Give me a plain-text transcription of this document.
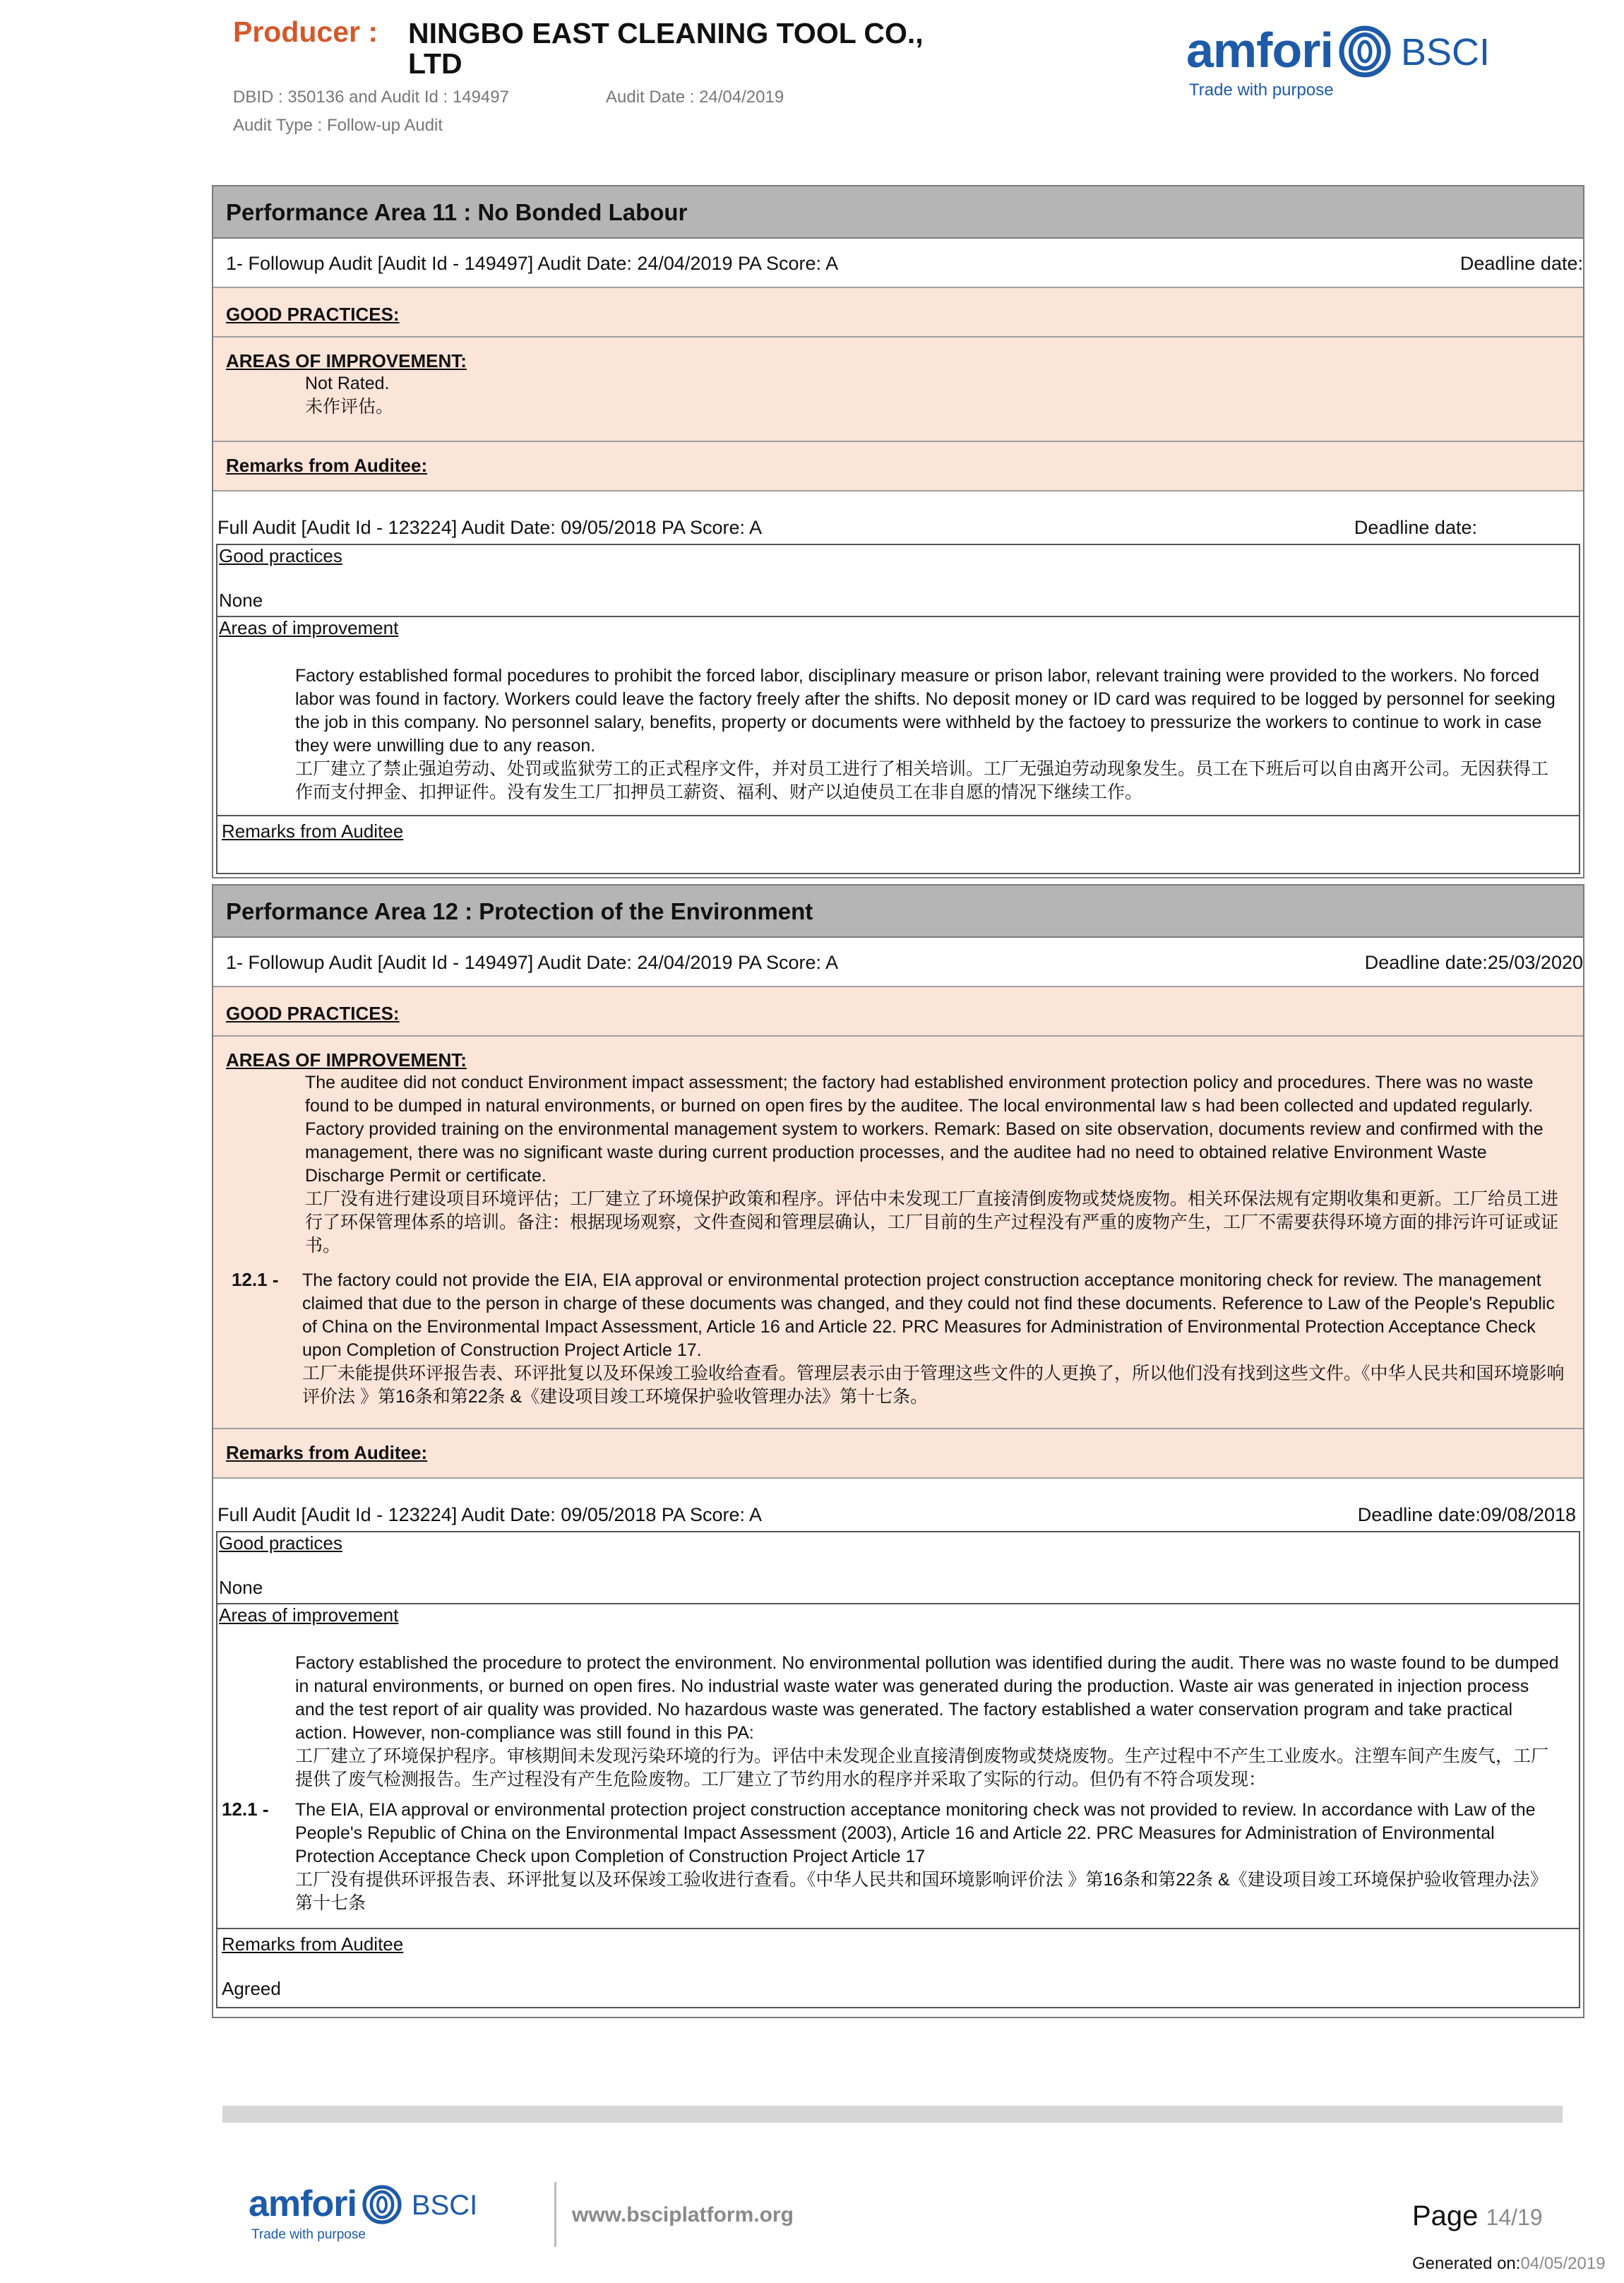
Producer : NINGBO EAST CLEANING TOOL CO., LTD
DBID : 350136 and Audit Id : 149497	Audit Date : 24/04/2019
Audit Type : Follow-up Audit
amfori BSCI
Trade with purpose
Performance Area 11 : No Bonded Labour
1- Followup Audit [Audit Id - 149497] Audit Date: 24/04/2019 PA Score: A	Deadline date:
GOOD PRACTICES:
AREAS OF IMPROVEMENT:
Not Rated.
未作评估。
Remarks from Auditee:
Full Audit [Audit Id - 123224] Audit Date: 09/05/2018 PA Score: A	Deadline date:
Good practices
None
Areas of improvement
Factory established formal pocedures to prohibit the forced labor, disciplinary measure or prison labor, relevant training were provided to the workers. No forced labor was found in factory. Workers could leave the factory freely after the shifts. No deposit money or ID card was required to be logged by personnel for seeking the job in this company. No personnel salary, benefits, property or documents were withheld by the factoey to pressurize the workers to continue to work in case they were unwilling due to any reason.
工厂建立了禁止强迫劳动、处罚或监狱劳工的正式程序文件，并对员工进行了相关培训。工厂无强迫劳动现象发生。员工在下班后可以自由离开公司。无因获得工作而支付押金、扣押证件。没有发生工厂扣押员工薪资、福利、财产以迫使员工在非自愿的情况下继续工作。
Remarks from Auditee
Performance Area 12 : Protection of the Environment
1- Followup Audit [Audit Id - 149497] Audit Date: 24/04/2019 PA Score: A	Deadline date:25/03/2020
GOOD PRACTICES:
AREAS OF IMPROVEMENT:
The auditee did not conduct Environment impact assessment; the factory had established environment protection policy and procedures. There was no waste found to be dumped in natural environments, or burned on open fires by the auditee. The local environmental law s had been collected and updated regularly. Factory provided training on the environmental management system to workers. Remark: Based on site observation, documents review and confirmed with the management, there was no significant waste during current production processes, and the auditee had no need to obtained relative Environment Waste Discharge Permit or certificate.
工厂没有进行建设项目环境评估；工厂建立了环境保护政策和程序。评估中未发现工厂直接清倒废物或焚烧废物。相关环保法规有定期收集和更新。工厂给员工进行了环保管理体系的培训。备注：根据现场观察，文件查阅和管理层确认，工厂目前的生产过程没有严重的废物产生，工厂不需要获得环境方面的排污许可证或证书。
12.1 -	The factory could not provide the EIA, EIA approval or environmental protection project construction acceptance monitoring check for review. The management claimed that due to the person in charge of these documents was changed, and they could not find these documents. Reference to Law of the People's Republic of China on the Environmental Impact Assessment, Article 16 and Article 22. PRC Measures for Administration of Environmental Protection Acceptance Check upon Completion of Construction Project Article 17.
工厂未能提供环评报告表、环评批复以及环保竣工验收给查看。管理层表示由于管理这些文件的人更换了，所以他们没有找到这些文件。《中华人民共和国环境影响评价法 》第16条和第22条 &《建设项目竣工环境保护验收管理办法》第十七条。
Remarks from Auditee:
Full Audit [Audit Id - 123224] Audit Date: 09/05/2018 PA Score: A	Deadline date:09/08/2018
Good practices
None
Areas of improvement
Factory established the procedure to protect the environment. No environmental pollution was identified during the audit. There was no waste found to be dumped in natural environments, or burned on open fires. No industrial waste water was generated during the production. Waste air was generated in injection process and the test report of air quality was provided. No hazardous waste was generated. The factory established a water conservation program and take practical action. However, non-compliance was still found in this PA:
工厂建立了环境保护程序。审核期间未发现污染环境的行为。评估中未发现企业直接清倒废物或焚烧废物。生产过程中不产生工业废水。注塑车间产生废气，工厂提供了废气检测报告。生产过程没有产生危险废物。工厂建立了节约用水的程序并采取了实际的行动。但仍有不符合项发现：
12.1 -	The EIA, EIA approval or environmental protection project construction acceptance monitoring check was not provided to review. In accordance with Law of the People's Republic of China on the Environmental Impact Assessment (2003), Article 16 and Article 22. PRC Measures for Administration of Environmental Protection Acceptance Check upon Completion of Construction Project Article 17
工厂没有提供环评报告表、环评批复以及环保竣工验收进行查看。《中华人民共和国环境影响评价法 》第16条和第22条 &《建设项目竣工环境保护验收管理办法》第十七条
Remarks from Auditee
Agreed
amfori BSCI
Trade with purpose
www.bsciplatform.org	Page 14/19
Generated on:04/05/2019
